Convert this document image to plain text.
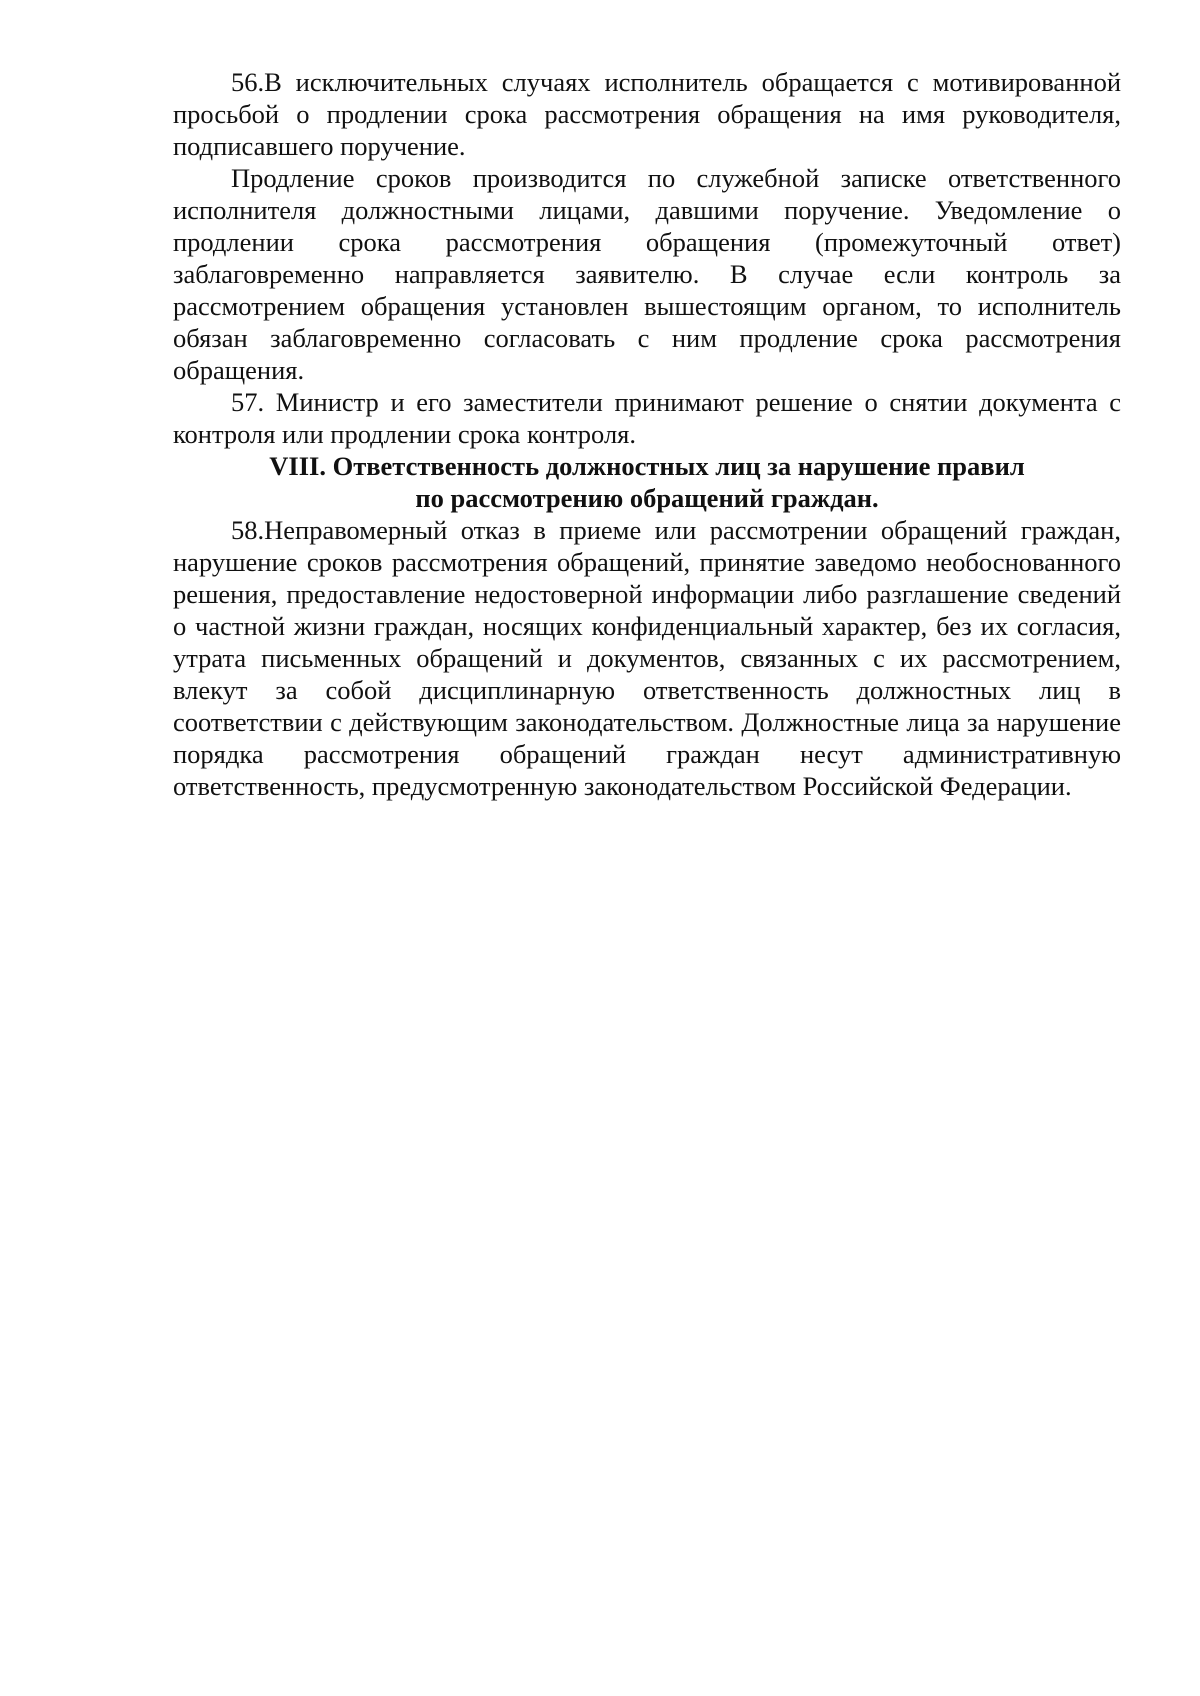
56.В исключительных случаях исполнитель обращается с мотивированной просьбой о продлении срока рассмотрения обращения на имя руководителя, подписавшего поручение.

Продление сроков производится по служебной записке ответственного исполнителя должностными лицами, давшими поручение. Уведомление о продлении срока рассмотрения обращения (промежуточный ответ) заблаговременно направляется заявителю. В случае если контроль за рассмотрением обращения установлен вышестоящим органом, то исполнитель обязан заблаговременно согласовать с ним продление срока рассмотрения обращения.

57. Министр и его заместители принимают решение о снятии документа с контроля или продлении срока контроля.

VIII. Ответственность должностных лиц за нарушение правил
по рассмотрению обращений граждан.

58.Неправомерный отказ в приеме или рассмотрении обращений граждан, нарушение сроков рассмотрения обращений, принятие заведомо необоснованного решения, предоставление недостоверной информации либо разглашение сведений о частной жизни граждан, носящих конфиденциальный характер, без их согласия, утрата письменных обращений и документов, связанных с их рассмотрением, влекут за собой дисциплинарную ответственность должностных лиц в соответствии с действующим законодательством. Должностные лица за нарушение порядка рассмотрения обращений граждан несут административную ответственность, предусмотренную законодательством Российской Федерации.
